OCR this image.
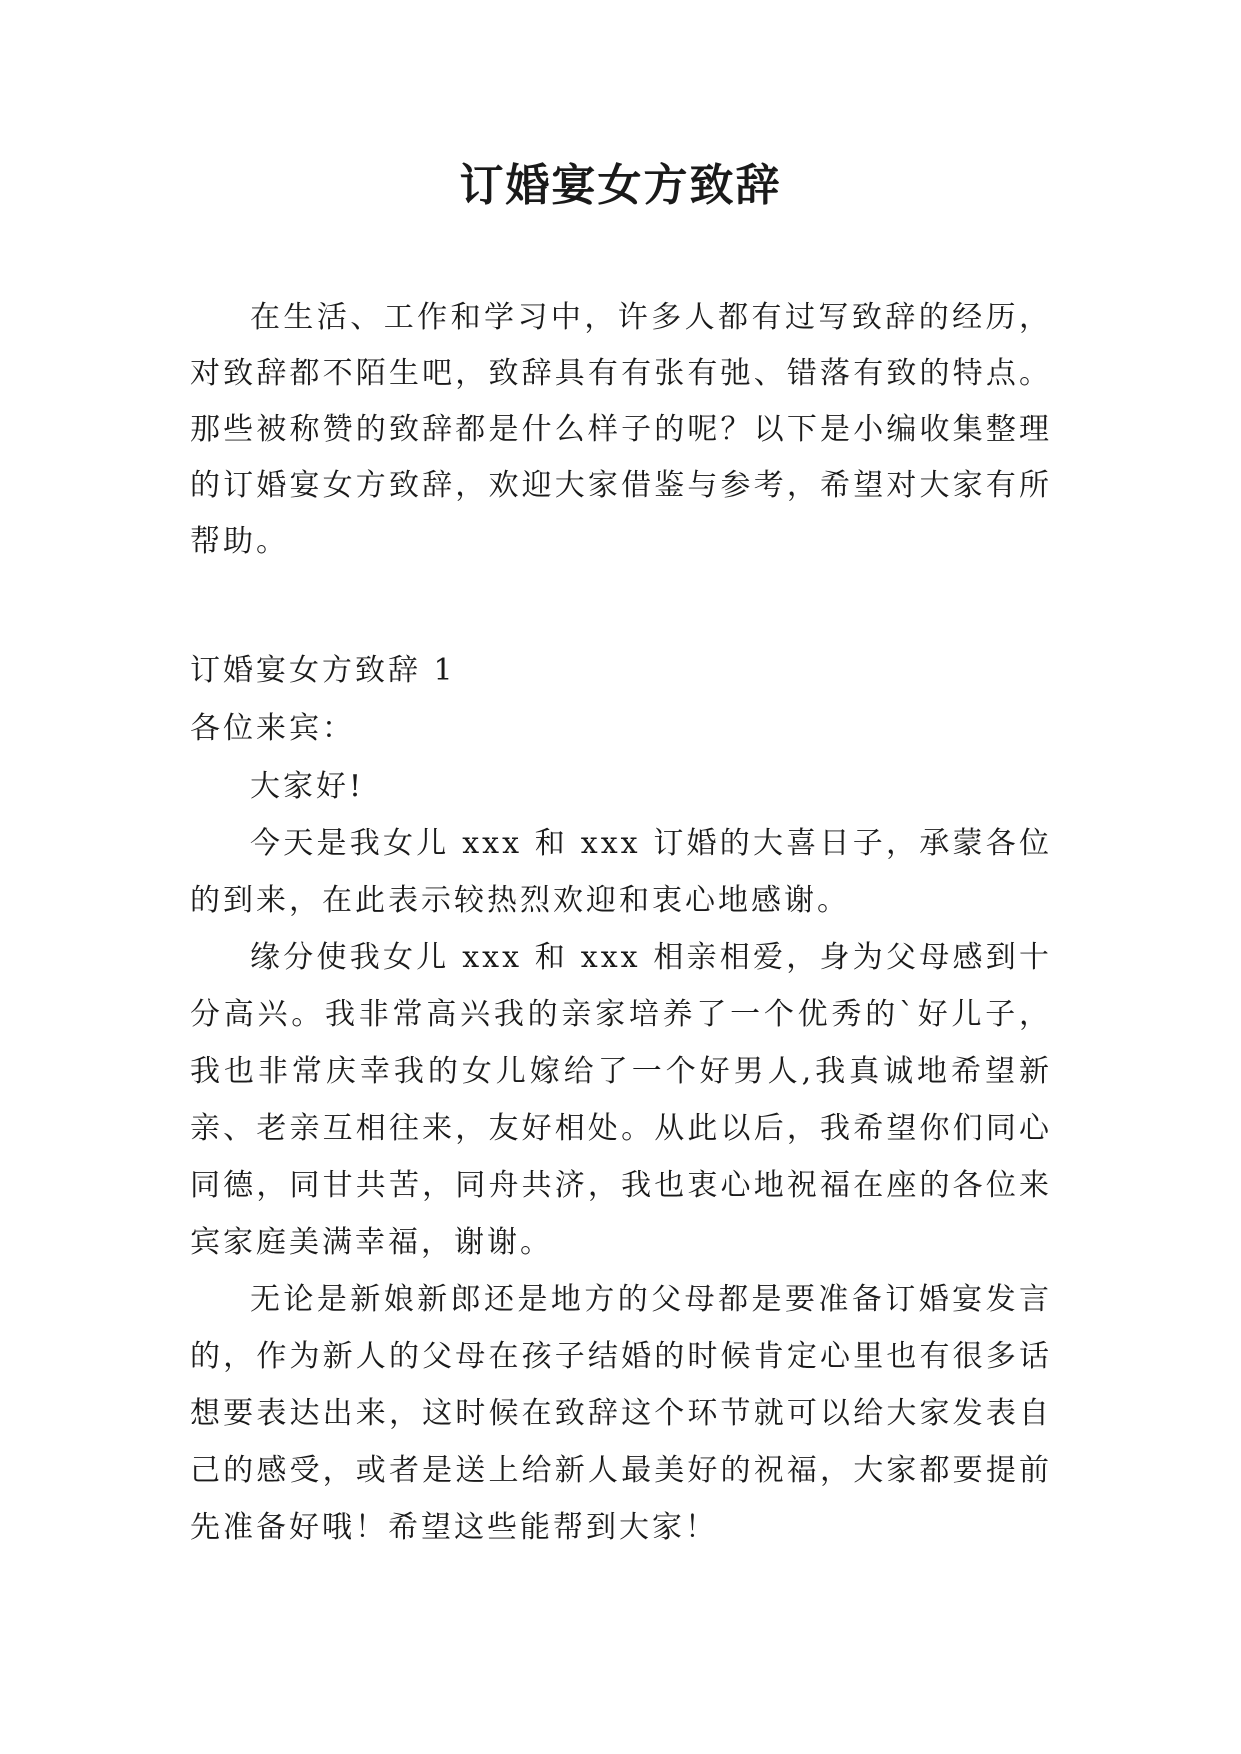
订婚宴女方致辞

在生活、工作和学习中，许多人都有过写致辞的经历，对致辞都不陌生吧，致辞具有有张有弛、错落有致的特点。那些被称赞的致辞都是什么样子的呢？以下是小编收集整理的订婚宴女方致辞，欢迎大家借鉴与参考，希望对大家有所帮助。

订婚宴女方致辞 1

各位来宾：

大家好!

今天是我女儿 xxx 和 xxx 订婚的大喜日子，承蒙各位的到来，在此表示较热烈欢迎和衷心地感谢。

缘分使我女儿 xxx 和 xxx 相亲相爱，身为父母感到十分高兴。我非常高兴我的亲家培养了一个优秀的`好儿子，我也非常庆幸我的女儿嫁给了一个好男人,我真诚地希望新亲、老亲互相往来，友好相处。从此以后，我希望你们同心同德，同甘共苦，同舟共济，我也衷心地祝福在座的各位来宾家庭美满幸福，谢谢。

无论是新娘新郎还是地方的父母都是要准备订婚宴发言的，作为新人的父母在孩子结婚的时候肯定心里也有很多话想要表达出来，这时候在致辞这个环节就可以给大家发表自己的感受，或者是送上给新人最美好的祝福，大家都要提前先准备好哦！希望这些能帮到大家！
